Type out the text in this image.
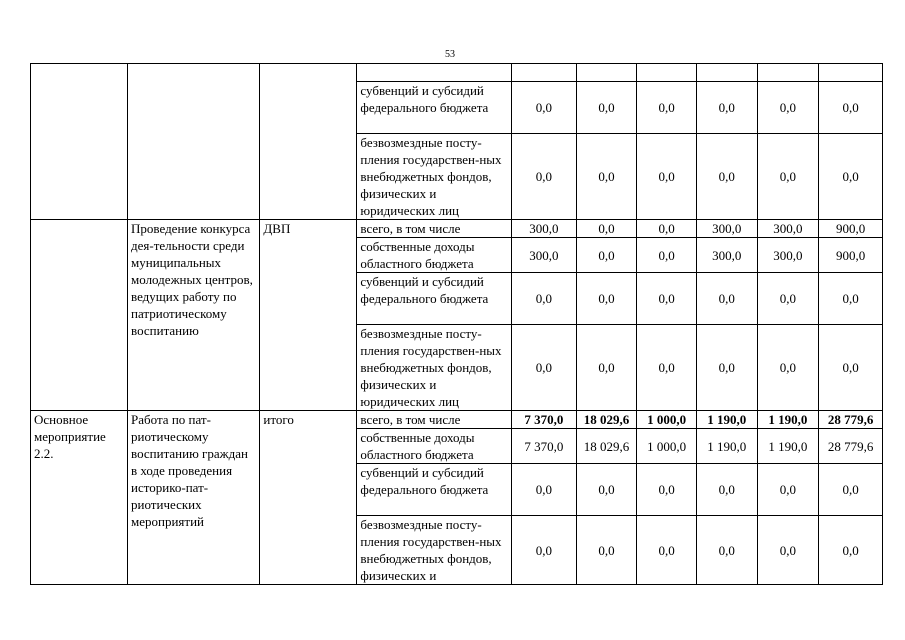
53

			субвенций и субсидий федерального бюджета	0,0	0,0	0,0	0,0	0,0	0,0
			безвозмездные посту-пления государствен-ных внебюджетных фондов, физических и юридических лиц	0,0	0,0	0,0	0,0	0,0	0,0
	Проведение конкурса дея-тельности среди муниципальных молодежных центров, ведущих работу по патриотическому воспитанию	ДВП	всего, в том числе	300,0	0,0	0,0	300,0	300,0	900,0
			собственные доходы областного бюджета	300,0	0,0	0,0	300,0	300,0	900,0
			субвенций и субсидий федерального бюджета	0,0	0,0	0,0	0,0	0,0	0,0
			безвозмездные посту-пления государствен-ных внебюджетных фондов, физических и юридических лиц	0,0	0,0	0,0	0,0	0,0	0,0
Основное мероприятие 2.2.	Работа по пат-риотическому воспитанию граждан в ходе проведения историко-пат-риотических мероприятий	итого	всего, в том числе	7 370,0	18 029,6	1 000,0	1 190,0	1 190,0	28 779,6
			собственные доходы областного бюджета	7 370,0	18 029,6	1 000,0	1 190,0	1 190,0	28 779,6
			субвенций и субсидий федерального бюджета	0,0	0,0	0,0	0,0	0,0	0,0
			безвозмездные посту-пления государствен-ных внебюджетных фондов, физических и	0,0	0,0	0,0	0,0	0,0	0,0
